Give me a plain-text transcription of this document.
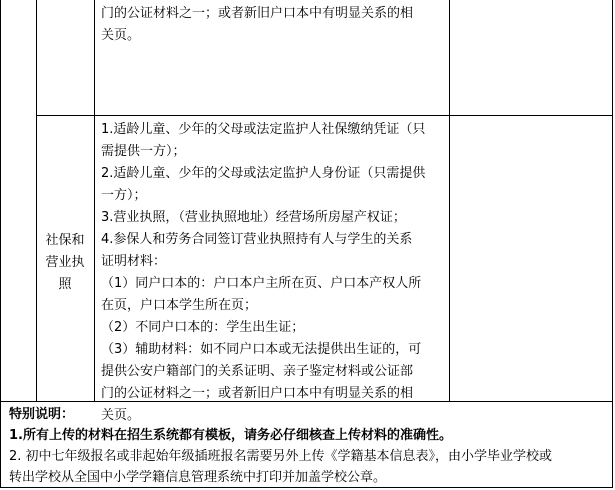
门的公证材料之一；或者新旧户口本中有明显关系的相
关页。
社保和
营业执
照
1.适龄儿童、少年的父母或法定监护人社保缴纳凭证（只
需提供一方）；
2.适龄儿童、少年的父母或法定监护人身份证（只需提供
一方）；
3.营业执照，（营业执照地址）经营场所房屋产权证；
4.参保人和劳务合同签订营业执照持有人与学生的关系
证明材料：
（1）同户口本的：户口本户主所在页、户口本产权人所
在页，户口本学生所在页；
（2）不同户口本的：学生出生证；
（3）辅助材料：如不同户口本或无法提供出生证的，可
提供公安户籍部门的关系证明、亲子鉴定材料或公证部
门的公证材料之一；或者新旧户口本中有明显关系的相
关页。
特别说明：
1.所有上传的材料在招生系统都有模板，请务必仔细核查上传材料的准确性。
2. 初中七年级报名或非起始年级插班报名需要另外上传《学籍基本信息表》，由小学毕业学校或
转出学校从全国中小学学籍信息管理系统中打印并加盖学校公章。
